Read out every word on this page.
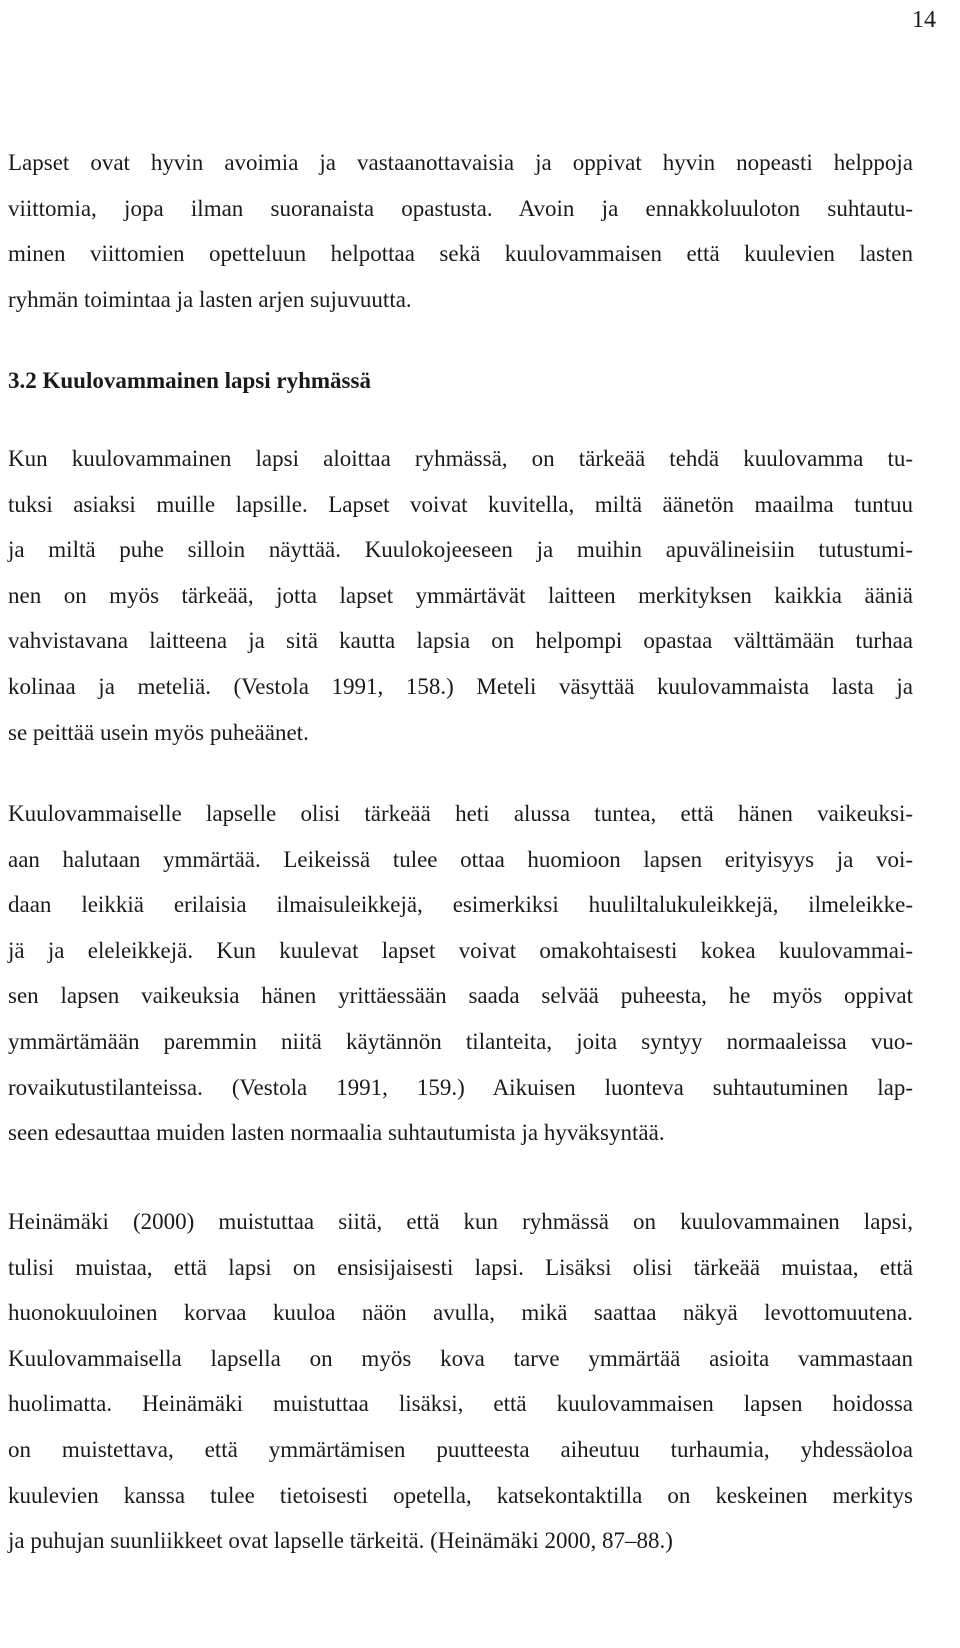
14
Lapset ovat hyvin avoimia ja vastaanottavaisia ja oppivat hyvin nopeasti helppoja
viittomia, jopa ilman suoranaista opastusta. Avoin ja ennakkoluuloton suhtautu-
minen viittomien opetteluun helpottaa sekä kuulovammaisen että kuulevien lasten
ryhmän toimintaa ja lasten arjen sujuvuutta.
3.2 Kuulovammainen lapsi ryhmässä
Kun kuulovammainen lapsi aloittaa ryhmässä, on tärkeää tehdä kuulovamma tu-
tuksi asiaksi muille lapsille. Lapset voivat kuvitella, miltä äänetön maailma tuntuu
ja miltä puhe silloin näyttää. Kuulokojeeseen ja muihin apuvälineisiin tutustumi-
nen on myös tärkeää, jotta lapset ymmärtävät laitteen merkityksen kaikkia ääniä
vahvistavana laitteena ja sitä kautta lapsia on helpompi opastaa välttämään turhaa
kolinaa ja meteliä. (Vestola 1991, 158.) Meteli väsyttää kuulovammaista lasta ja
se peittää usein myös puheäänet.
Kuulovammaiselle lapselle olisi tärkeää heti alussa tuntea, että hänen vaikeuksi-
aan halutaan ymmärtää. Leikeissä tulee ottaa huomioon lapsen erityisyys ja voi-
daan leikkiä erilaisia ilmaisuleikkejä, esimerkiksi huuliltalukuleikkejä, ilmeleikke-
jä ja eleleikkejä. Kun kuulevat lapset voivat omakohtaisesti kokea kuulovammai-
sen lapsen vaikeuksia hänen yrittäessään saada selvää puheesta, he myös oppivat
ymmärtämään paremmin niitä käytännön tilanteita, joita syntyy normaaleissa vuo-
rovaikutustilanteissa. (Vestola 1991, 159.) Aikuisen luonteva suhtautuminen lap-
seen edesauttaa muiden lasten normaalia suhtautumista ja hyväksyntää.
Heinämäki (2000) muistuttaa siitä, että kun ryhmässä on kuulovammainen lapsi,
tulisi muistaa, että lapsi on ensisijaisesti lapsi. Lisäksi olisi tärkeää muistaa, että
huonokuuloinen korvaa kuuloa näön avulla, mikä saattaa näkyä levottomuutena.
Kuulovammaisella lapsella on myös kova tarve ymmärtää asioita vammastaan
huolimatta. Heinämäki muistuttaa lisäksi, että kuulovammaisen lapsen hoidossa
on muistettava, että ymmärtämisen puutteesta aiheutuu turhaumia, yhdessäoloa
kuulevien kanssa tulee tietoisesti opetella, katsekontaktilla on keskeinen merkitys
ja puhujan suunliikkeet ovat lapselle tärkeitä. (Heinämäki 2000, 87–88.)
